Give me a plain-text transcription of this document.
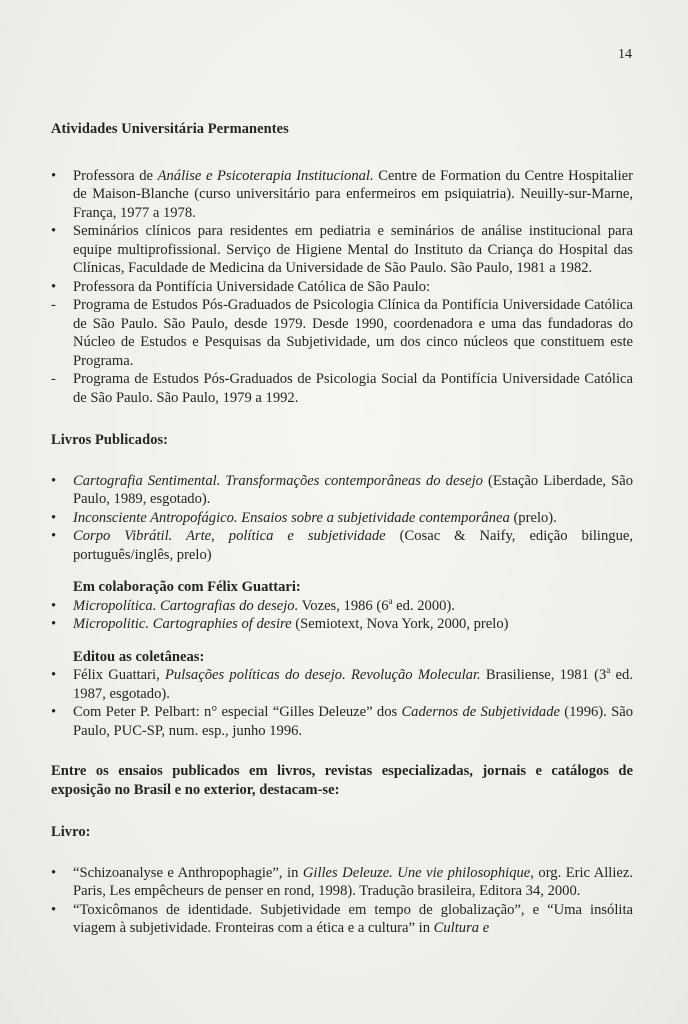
14
Atividades Universitária Permanentes
•	Professora de Análise e Psicoterapia Institucional. Centre de Formation du Centre Hospitalier de Maison-Blanche (curso universitário para enfermeiros em psiquiatria). Neuilly-sur-Marne, França, 1977 a 1978.
•	Seminários clínicos para residentes em pediatria e seminários de análise institucional para equipe multiprofissional. Serviço de Higiene Mental do Instituto da Criança do Hospital das Clínicas, Faculdade de Medicina da Universidade de São Paulo. São Paulo, 1981 a 1982.
•	Professora da Pontifícia Universidade Católica de São Paulo:
-	Programa de Estudos Pós-Graduados de Psicologia Clínica da Pontifícia Universidade Católica de São Paulo. São Paulo, desde 1979. Desde 1990, coordenadora e uma das fundadoras do Núcleo de Estudos e Pesquisas da Subjetividade, um dos cinco núcleos que constituem este Programa.
-	Programa de Estudos Pós-Graduados de Psicologia Social da Pontifícia Universidade Católica de São Paulo. São Paulo, 1979 a 1992.
Livros Publicados:
•	Cartografia Sentimental. Transformações contemporâneas do desejo (Estação Liberdade, São Paulo, 1989, esgotado).
•	Inconsciente Antropofágico. Ensaios sobre a subjetividade contemporânea (prelo).
•	Corpo Vibrátil. Arte, política e subjetividade (Cosac & Naify, edição bilingue, português/inglês, prelo)
Em colaboração com Félix Guattari:
•	Micropolítica. Cartografias do desejo. Vozes, 1986 (6$^a$ ed. 2000).
•	Micropolitic. Cartographies of desire (Semiotext, Nova York, 2000, prelo)
Editou as coletâneas:
•	Félix Guattari, Pulsações políticas do desejo. Revolução Molecular. Brasiliense, 1981 (3$^a$ ed. 1987, esgotado).
•	Com Peter P. Pelbart: n° especial “Gilles Deleuze” dos Cadernos de Subjetividade (1996). São Paulo, PUC-SP, num. esp., junho 1996.
Entre os ensaios publicados em livros, revistas especializadas, jornais e catálogos de exposição no Brasil e no exterior, destacam-se:
Livro:
•	“Schizoanalyse e Anthropophagie”, in Gilles Deleuze. Une vie philosophique, org. Eric Alliez. Paris, Les empêcheurs de penser en rond, 1998). Tradução brasileira, Editora 34, 2000.
•	“Toxicômanos de identidade. Subjetividade em tempo de globalização”, e “Uma insólita viagem à subjetividade. Fronteiras com a ética e a cultura” in Cultura e
